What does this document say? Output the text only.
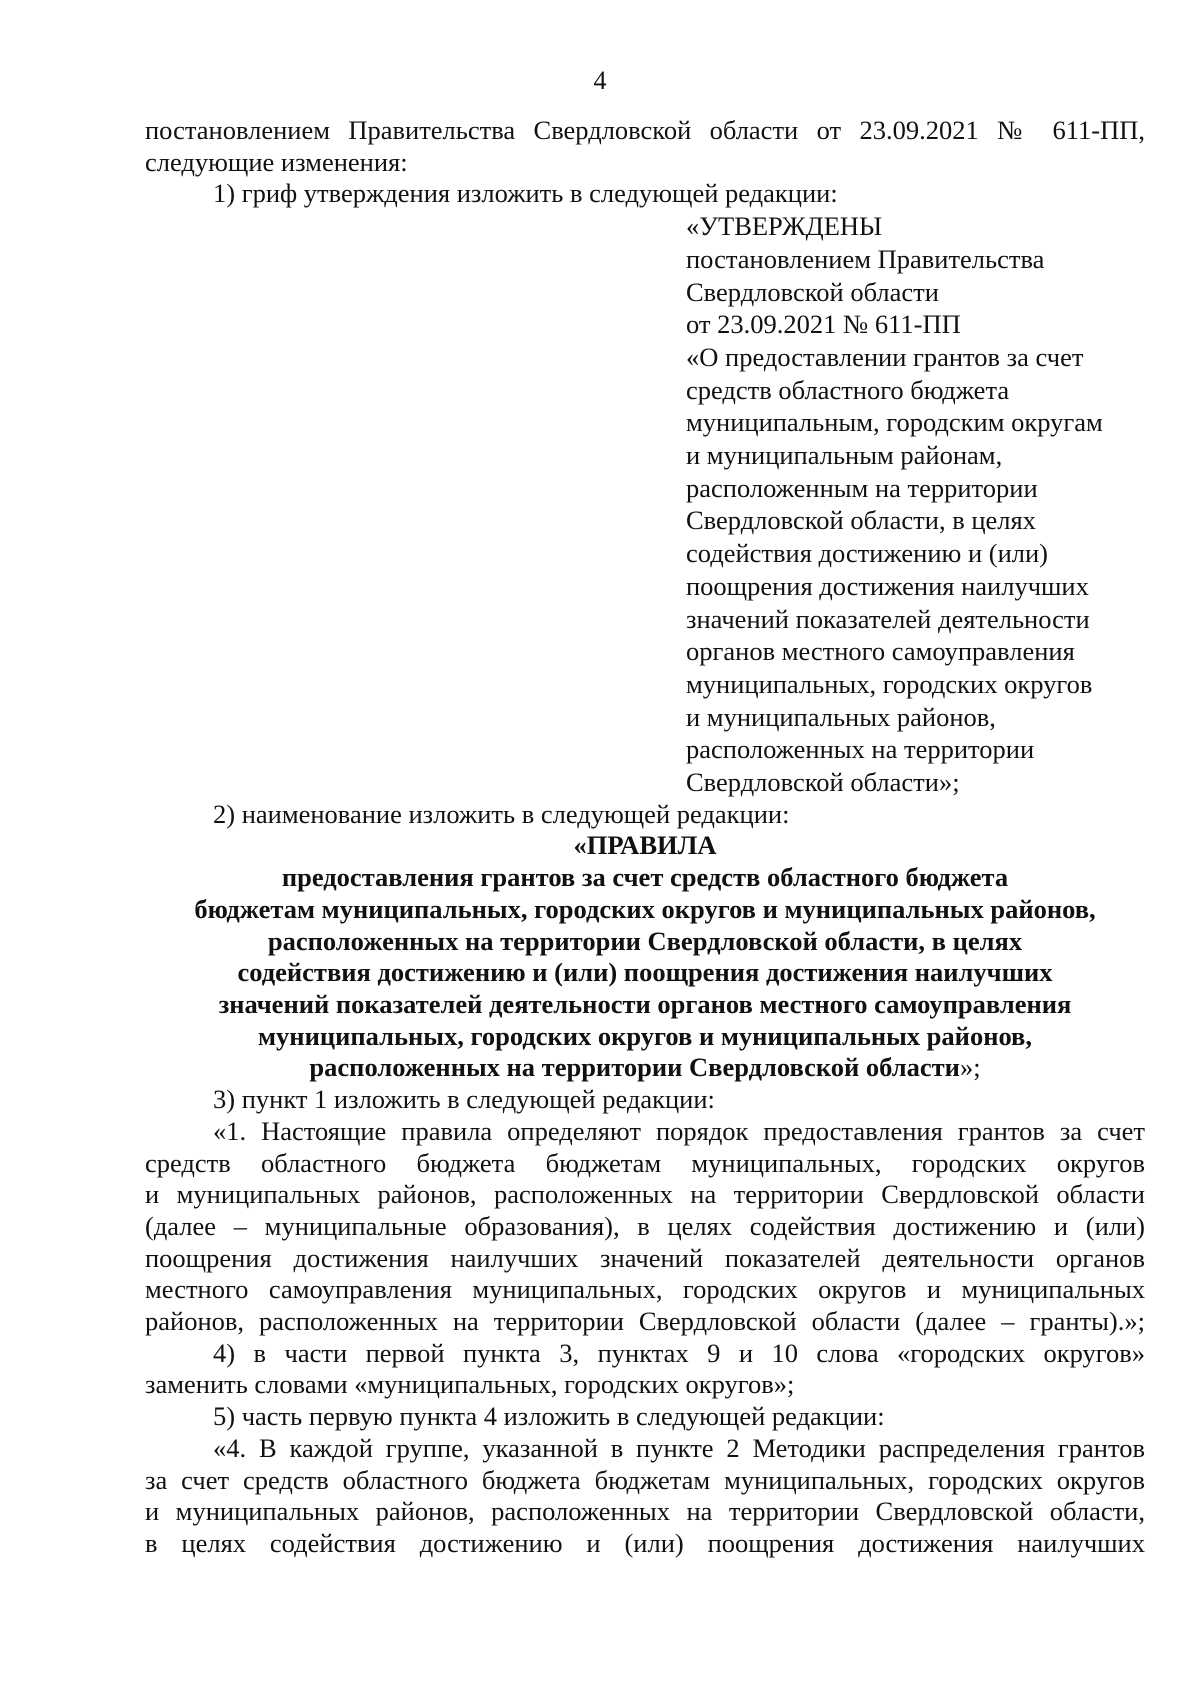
4
постановлением Правительства Свердловской области от 23.09.2021 № 611-ПП,
следующие изменения:
1) гриф утверждения изложить в следующей редакции:
«УТВЕРЖДЕНЫ
постановлением Правительства
Свердловской области
от 23.09.2021 № 611-ПП
«О предоставлении грантов за счет
средств областного бюджета
муниципальным, городским округам
и муниципальным районам,
расположенным на территории
Свердловской области, в целях
содействия достижению и (или)
поощрения достижения наилучших
значений показателей деятельности
органов местного самоуправления
муниципальных, городских округов
и муниципальных районов,
расположенных на территории
Свердловской области»;
2) наименование изложить в следующей редакции:
«ПРАВИЛА
предоставления грантов за счет средств областного бюджета
бюджетам муниципальных, городских округов и муниципальных районов,
расположенных на территории Свердловской области, в целях
содействия достижению и (или) поощрения достижения наилучших
значений показателей деятельности органов местного самоуправления
муниципальных, городских округов и муниципальных районов,
расположенных на территории Свердловской области»;
3) пункт 1 изложить в следующей редакции:
«1. Настоящие правила определяют порядок предоставления грантов за счет
средств областного бюджета бюджетам муниципальных, городских округов
и муниципальных районов, расположенных на территории Свердловской области
(далее – муниципальные образования), в целях содействия достижению и (или)
поощрения достижения наилучших значений показателей деятельности органов
местного самоуправления муниципальных, городских округов и муниципальных
районов, расположенных на территории Свердловской области (далее – гранты).»;
4) в части первой пункта 3, пунктах 9 и 10 слова «городских округов»
заменить словами «муниципальных, городских округов»;
5) часть первую пункта 4 изложить в следующей редакции:
«4. В каждой группе, указанной в пункте 2 Методики распределения грантов
за счет средств областного бюджета бюджетам муниципальных, городских округов
и муниципальных районов, расположенных на территории Свердловской области,
в целях содействия достижению и (или) поощрения достижения наилучших
